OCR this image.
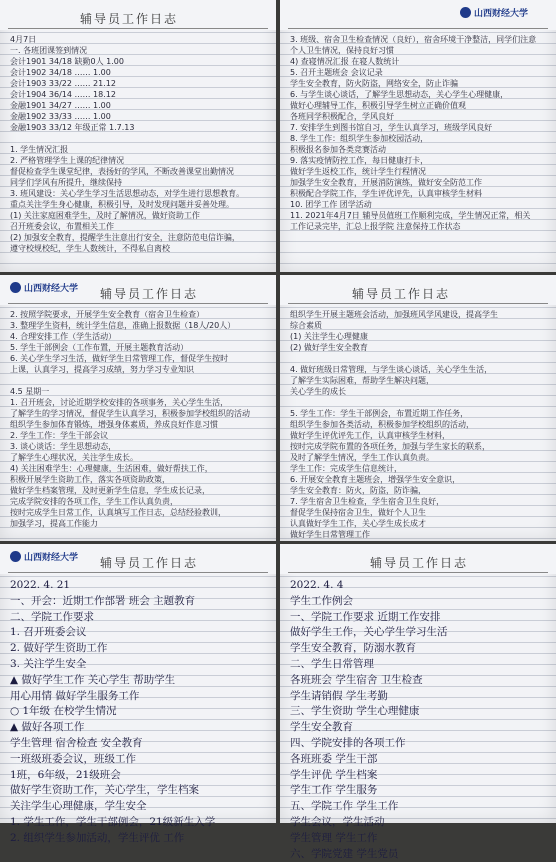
辅导员工作日志
4月7日
一. 各班团课签到情况
会计1901 34/18 缺勤0人 1.00
会计1902 34/18 …… 1.00
会计1903 33/22 …… 21.12
会计1904 36/14 …… 18.12
金融1901 34/27 …… 1.00
金融1902 33/33 …… 1.00
金融1903 33/12 年级正常 1.7.13
1. 学生情况汇报
2. 严格管理学生上课的纪律情况
督促检查学生课堂纪律，表扬好的学风，不断改善课堂出勤情况
同学们学风有所提升，继续保持
3. 班风建设：关心学生学习生活思想动态，对学生进行思想教育。
重点关注学生身心健康，积极引导，及时发现问题并妥善处理。
(1) 关注家庭困难学生，及时了解情况，做好资助工作
召开班委会议，布置相关工作
(2) 加强安全教育，提醒学生注意出行安全，注意防范电信诈骗，
遵守校规校纪，学生人数统计，不得私自离校
山西财经大学
3. 班级、宿舍卫生检查情况（良好），宿舍环境干净整洁，同学们注意
个人卫生情况，保持良好习惯
4) 查寝情况汇报 在寝人数统计
5. 召开主题班会 会议记录
学生安全教育，防火防盗，网络安全，防止诈骗
6. 与学生谈心谈话，了解学生思想动态，关心学生心理健康，
做好心理辅导工作，积极引导学生树立正确价值观
各班同学积极配合，学风良好
7. 安排学生到图书馆自习，学生认真学习，班级学风良好
8. 学生工作：组织学生参加校园活动，
积极报名参加各类竞赛活动
9. 落实疫情防控工作，每日健康打卡，
做好学生返校工作，统计学生行程情况
加强学生安全教育，开展消防演练，做好安全防范工作
积极配合学院工作，学生评优评先，认真审核学生材料
10. 团学工作 团学活动
11. 2021年4月7日 辅导员值班工作顺利完成，学生情况正常，相关
工作记录完毕，汇总上报学院 注意保持工作状态
山西财经大学 辅导员工作日志
2. 按照学院要求，开展学生安全教育（宿舍卫生检查）
3. 整理学生资料，统计学生信息，准确上报数据（18人/20人）
4. 合理安排工作（学生活动）
5. 学生干部例会（工作布置，开展主题教育活动）
6. 关心学生学习生活，做好学生日常管理工作，督促学生按时
上课，认真学习，提高学习成绩，努力学习专业知识
4.5 星期一
1. 召开班会，讨论近期学校安排的各项事务，关心学生生活，
了解学生的学习情况，督促学生认真学习，积极参加学校组织的活动
组织学生参加体育锻炼，增强身体素质，养成良好作息习惯
2. 学生工作：学生干部会议
3. 谈心谈话：学生思想动态，
了解学生心理状况，关注学生成长。
4) 关注困难学生：心理健康，生活困难，做好帮扶工作，
积极开展学生资助工作，落实各项资助政策，
做好学生档案管理，及时更新学生信息，学生成长记录，
完成学院安排的各项工作，学生工作认真负责，
按时完成学生日常工作，认真填写工作日志，总结经验教训，
加强学习，提高工作能力
辅导员工作日志
组织学生开展主题班会活动，加强班风学风建设，提高学生
综合素质
(1) 关注学生心理健康
(2) 做好学生安全教育
4. 做好班级日常管理，与学生谈心谈话，关心学生生活，
了解学生实际困难，帮助学生解决问题，
关心学生的成长
5. 学生工作：学生干部例会，布置近期工作任务，
组织学生参加各类活动，积极参加学校组织的活动，
做好学生评优评先工作，认真审核学生材料，
按时完成学院布置的各项任务，加强与学生家长的联系，
及时了解学生情况，学生工作认真负责。
学生工作：完成学生信息统计，
6. 开展安全教育主题班会，增强学生安全意识，
学生安全教育：防火，防盗，防诈骗，
7. 学生宿舍卫生检查，学生宿舍卫生良好，
督促学生保持宿舍卫生，做好个人卫生
认真做好学生工作，关心学生成长成才
做好学生日常管理工作
山西财经大学 辅导员工作日志
2022. 4. 21
一、开会：近期工作部署 班会 主题教育
二、学院工作要求
1. 召开班委会议
2. 做好学生资助工作
3. 关注学生安全
▲ 做好学生工作 关心学生 帮助学生
用心用情 做好学生服务工作
○ 1年级 在校学生情况
▲ 做好各项工作
学生管理 宿舍检查 安全教育
一班级班委会议，班级工作
1班，6年级，21级班会
做好学生资助工作，关心学生，学生档案
关注学生心理健康，学生安全
1. 学生工作，学生干部例会，21级新生入学
2. 组织学生参加活动，学生评优 工作
辅导员工作日志
2022. 4. 4
学生工作例会
一、学院工作要求 近期工作安排
做好学生工作，关心学生学习生活
学生安全教育，防溺水教育
二、学生日常管理
各班班会 学生宿舍 卫生检查
学生请销假 学生考勤
三、学生资助 学生心理健康
学生安全教育
四、学院安排的各项工作
各班班委 学生干部
学生评优 学生档案
学生工作 学生服务
五、学院工作 学生工作
学生会议，学生活动
学生管理 学生工作
六、学院党建 学生党员
